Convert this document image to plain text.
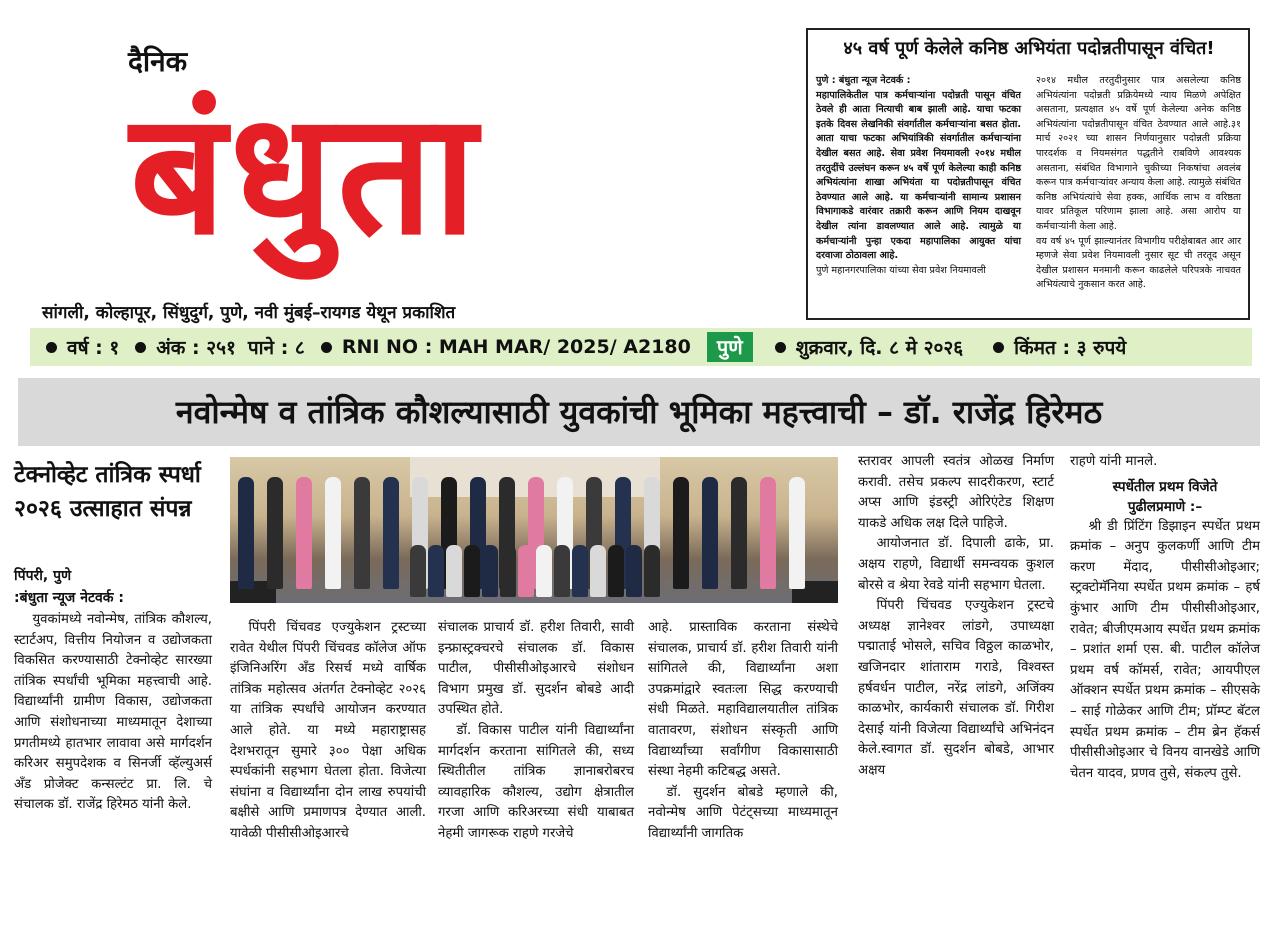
दैनिक
बंधुता
सांगली, कोल्हापूर, सिंधुदुर्ग, पुणे, नवी मुंबई–रायगड येथून प्रकाशित
४५ वर्ष पूर्ण केलेले कनिष्ठ अभियंता पदोन्नतीपासून वंचित!

पुणे : बंधुता न्यूज नेटवर्क :

महापालिकेतील पात्र कर्मचाऱ्यांना पदोन्नती पासून वंचित ठेवले ही आता नित्याची बाब झाली आहे. याचा फटका इतके दिवस लेखनिकी संवर्गातील कर्मचाऱ्यांना बसत होता. आता याचा फटका अभियांत्रिकी संवर्गातील कर्मचाऱ्यांना देखील बसत आहे. सेवा प्रवेश नियमावली २०१४ मधील तरतुदींचे उल्लंघन करून ४५ वर्षे पूर्ण केलेल्या काही कनिष्ठ अभियंत्यांना शाखा अभियंता या पदोन्नतीपासून वंचित ठेवण्यात आले आहे. या कर्मचाऱ्यांनी सामान्य प्रशासन विभागाकडे वारंवार तक्रारी करून आणि नियम दाखवून देखील त्यांना डावलण्यात आले आहे. त्यामुळे या कर्मचाऱ्यांनी पुन्हा एकदा महापालिका आयुक्त यांचा दरवाजा ठोठावला आहे.

पुणे महानगरपालिका यांच्या सेवा प्रवेश नियमावली

२०१४ मधील तरतुदीनुसार पात्र असलेल्या कनिष्ठ अभियंत्यांना पदोन्नती प्रक्रियेमध्ये न्याय मिळणे अपेक्षित असताना, प्रत्यक्षात ४५ वर्षे पूर्ण केलेल्या अनेक कनिष्ठ अभियंत्यांना पदोन्नतीपासून वंचित ठेवण्यात आले आहे.३१ मार्च २०२१ च्या शासन निर्णयानुसार पदोन्नती प्रक्रिया पारदर्शक व नियमसंगत पद्धतीने राबविणे आवश्यक असताना, संबंधित विभागाने चुकीच्या निकषांचा अवलंब करून पात्र कर्मचाऱ्यांवर अन्याय केला आहे. त्यामुळे संबंधित कनिष्ठ अभियंत्यांचे सेवा हक्क, आर्थिक लाभ व वरिष्ठता यावर प्रतिकूल परिणाम झाला आहे. असा आरोप या कर्मचाऱ्यांनी केला आहे.

वय वर्ष ४५ पूर्ण झाल्यानंतर विभागीय परीक्षेबाबत आर आर म्हणजे सेवा प्रवेश नियमावली नुसार सूट ची तरतूद असून देखील प्रशासन मनमानी करून काढलेले परिपत्रके नाचवत अभियंत्याचे नुकसान करत आहे.

वर्ष : १ अंक : २५१ पाने : ८ RNI NO : MAH MAR/ 2025/ A2180	पुणे	शुक्रवार, दि. ८ मे २०२६	किंमत : ३ रुपये
नवोन्मेष व तांत्रिक कौशल्यासाठी युवकांची भूमिका महत्त्वाची – डॉ. राजेंद्र हिरेमठ
टेक्नोव्हेट तांत्रिक स्पर्धा २०२६ उत्साहात संपन्न
पिंपरी, पुणे
:बंधुता न्यूज नेटवर्क :

युवकांमध्ये नवोन्मेष, तांत्रिक कौशल्य, स्टार्टअप, वित्तीय नियोजन व उद्योजकता विकसित करण्यासाठी टेक्नोव्हेट सारख्या तांत्रिक स्पर्धांची भूमिका महत्त्वाची आहे. विद्यार्थ्यांनी ग्रामीण विकास, उद्योजकता आणि संशोधनाच्या माध्यमातून देशाच्या प्रगतीमध्ये हातभार लावावा असे मार्गदर्शन करिअर समुपदेशक व सिनर्जी व्हॅल्युअर्स अँड प्रोजेक्ट कन्सल्टंट प्रा. लि. चे संचालक डॉ. राजेंद्र हिरेमठ यांनी केले.

पिंपरी चिंचवड एज्युकेशन ट्रस्टच्या रावेत येथील पिंपरी चिंचवड कॉलेज ऑफ इंजिनिअरिंग अँड रिसर्च मध्ये वार्षिक तांत्रिक महोत्सव अंतर्गत टेक्नोव्हेट २०२६ या तांत्रिक स्पर्धांचे आयोजन करण्यात आले होते. या मध्ये महाराष्ट्रासह देशभरातून सुमारे ३०० पेक्षा अधिक स्पर्धकांनी सहभाग घेतला होता. विजेत्या संघांना व विद्यार्थ्यांना दोन लाख रुपयांची बक्षीसे आणि प्रमाणपत्र देण्यात आली. यावेळी पीसीसीओइआरचे

संचालक प्राचार्य डॉ. हरीश तिवारी, सावी इन्फ्रास्ट्रक्चरचे संचालक डॉ. विकास पाटील, पीसीसीओइआरचे संशोधन विभाग प्रमुख डॉ. सुदर्शन बोबडे आदी उपस्थित होते.

डॉ. विकास पाटील यांनी विद्यार्थ्यांना मार्गदर्शन करताना सांगितले की, सध्य स्थितीतील तांत्रिक ज्ञानाबरोबरच व्यावहारिक कौशल्य, उद्योग क्षेत्रातील गरजा आणि करिअरच्या संधी याबाबत नेहमी जागरूक राहणे गरजेचे

आहे. प्रास्ताविक करताना संस्थेचे संचालक, प्राचार्य डॉ. हरीश तिवारी यांनी सांगितले की, विद्यार्थ्यांना अशा उपक्रमांद्वारे स्वतःला सिद्ध करण्याची संधी मिळते. महाविद्यालयातील तांत्रिक वातावरण, संशोधन संस्कृती आणि विद्यार्थ्यांच्या सर्वांगीण विकासासाठी संस्था नेहमी कटिबद्ध असते.

डॉ. सुदर्शन बोबडे म्हणाले की, नवोन्मेष आणि पेटंट्सच्या माध्यमातून विद्यार्थ्यांनी जागतिक

स्तरावर आपली स्वतंत्र ओळख निर्माण करावी. तसेच प्रकल्प सादरीकरण, स्टार्ट अप्स आणि इंडस्ट्री ओरिएंटेड शिक्षण याकडे अधिक लक्ष दिले पाहिजे.

आयोजनात डॉ. दिपाली ढाके, प्रा. अक्षय राहणे, विद्यार्थी समन्वयक कुशल बोरसे व श्रेया रेवडे यांनी सहभाग घेतला.

पिंपरी चिंचवड एज्युकेशन ट्रस्टचे अध्यक्ष ज्ञानेश्वर लांडगे, उपाध्यक्षा पद्माताई भोसले, सचिव विठ्ठल काळभोर, खजिनदार शांताराम गराडे, विश्वस्त हर्षवर्धन पाटील, नरेंद्र लांडगे, अजिंक्य काळभोर, कार्यकारी संचालक डॉ. गिरीश देसाई यांनी विजेत्या विद्यार्थ्यांचे अभिनंदन केले.स्वागत डॉ. सुदर्शन बोबडे, आभार अक्षय

राहणे यांनी मानले.

स्पर्धेतील प्रथम विजेते
पुढीलप्रमाणे :–

श्री डी प्रिंटिंग डिझाइन स्पर्धेत प्रथम क्रमांक – अनुप कुलकर्णी आणि टीम करण मेंदाद, पीसीसीओइआर; स्ट्रक्टोमॅनिया स्पर्धेत प्रथम क्रमांक – हर्ष कुंभार आणि टीम पीसीसीओइआर, रावेत; बीजीएमआय स्पर्धेत प्रथम क्रमांक – प्रशांत शर्मा एस. बी. पाटील कॉलेज प्रथम वर्ष कॉमर्स, रावेत; आयपीएल ऑक्शन स्पर्धेत प्रथम क्रमांक – सीएसके – साई गोळेकर आणि टीम; प्रॉम्प्ट बॅटल स्पर्धेत प्रथम क्रमांक – टीम ब्रेन हॅकर्स पीसीसीओइआर चे विनय वानखेडे आणि चेतन यादव, प्रणव तुसे, संकल्प तुसे.
